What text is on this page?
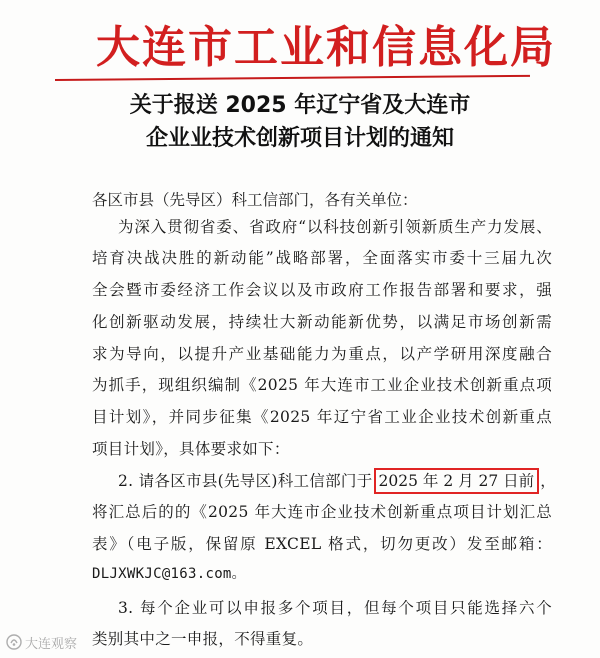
大连市工业和信息化局
关于报送 2025 年辽宁省及大连市
企业业技术创新项目计划的通知
各区市县（先导区）科工信部门，各有关单位：
为深入贯彻省委、省政府“以科技创新引领新质生产力发展、
培育决战决胜的新动能”战略部署，全面落实市委十三届九次
全会暨市委经济工作会议以及市政府工作报告部署和要求，强
化创新驱动发展，持续壮大新动能新优势，以满足市场创新需
求为导向，以提升产业基础能力为重点，以产学研用深度融合
为抓手，现组织编制《2025 年大连市工业企业技术创新重点项
目计划》，并同步征集《2025 年辽宁省工业企业技术创新重点
项目计划》，具体要求如下：
2. 请各区市县(先导区)科工信部门于 2025 年 2 月 27 日前 ，
将汇总后的的《2025 年大连市企业技术创新重点项目计划汇总
表》（电子版，保留原 EXCEL 格式，切勿更改）发至邮箱：
DLJXWKJC@163.com。
3. 每个企业可以申报多个项目，但每个项目只能选择六个
类别其中之一申报，不得重复。
大连观察
